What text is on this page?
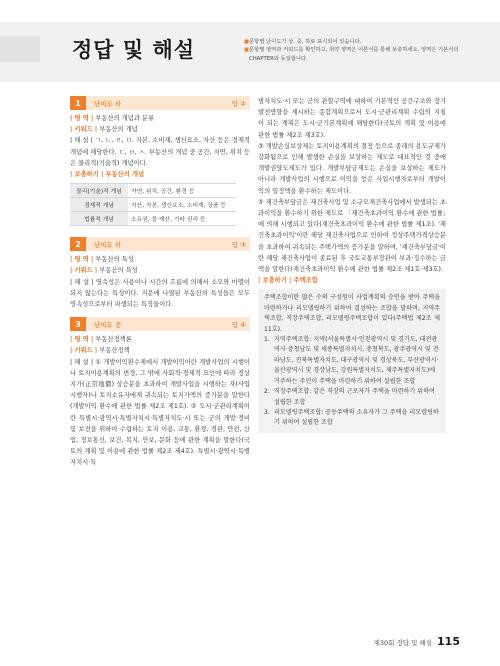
정답 및 해설	■ 문항별 난이도가 상, 중, 하로 표시되어 있습니다.
■ 문항별 영역과 키워드를 확인하고, 취약 영역은 이론서를 통해 보충하세요. 영역은 기본서의 CHAPTER와 동일합니다.
1	난이도 하	답 ②
| 영 역 | 부동산의 개념과 분류
| 키워드 | 부동산의 개념
| 해 설 | ㄱ, ㄴ, ㄹ, ㅁ. 자본, 소비재, 생산요소, 자산 등은 경제적 개념에 해당한다. ㄷ, ㅂ, ㅅ. 부동산의 개념 중 공간, 자연, 위치 등은 물리적(기술적) 개념이다.
| 보충하기 | 부동산의 개념
물리(기술)적 개념	자연, 위치, 공간, 환경 등
경제적 개념	자산, 자본, 생산요소, 소비재, 상품 등
법률적 개념	소유권, 물·재산, 기타 권리 등
2	난이도 하	답 ③
| 영 역 | 부동산의 특성
| 키워드 | 부동산의 특성
| 해 설 | 영속성은 사용이나 시간의 흐름에 의해서 소모와 마멸이 되지 않는다는 특성이다. 지문에 나열된 부동산의 특성들은 모두 영속성으로부터 파생되는 특징들이다.
3	난이도 중	답 ④
| 영 역 | 부동산정책론
| 키워드 | 부동산정책
| 해 설 | ① 개발이익환수제에서 개발이익이란 개발사업의 시행이나 토지이용계획의 변경, 그 밖에 사회적·경제적 요인에 따라 정상지가(正常地價) 상승분을 초과하여 개발사업을 시행하는 자(사업시행자)나 토지소유자에게 귀속되는 토지가액의 증가분을 말한다(개발이익 환수에 관한 법률 제2조 제1호). ② 도시·군관리계획이란 특별시·광역시·특별자치시·특별자치도·시 또는 군의 개발·정비 및 보전을 위하여 수립하는 토지 이용, 교통, 환경, 경관, 안전, 산업, 정보통신, 보건, 복지, 안보, 문화 등에 관한 계획을 말한다(국토의 계획 및 이용에 관한 법률 제2조 제4호). 특별시·광역시·특별자치시·특
별자치도·시 또는 군의 관할구역에 대하여 기본적인 공간구조와 장기발전방향을 제시하는 종합계획으로서 도시·군관리계획 수립의 지침이 되는 계획은 도시·군기본계획에 해당한다(국토의 계획 및 이용에 관한 법률 제2조 제3호).
③ 개발손실보상제는 토지이용계획의 결정 등으로 종래의 용도규제가 강화됨으로 인해 발생한 손실을 보상하는 제도로 대표적인 것 중에 개발권양도제도가 있다. 개발부담금제도는 손실을 보상하는 제도가 아니라 개발사업의 시행으로 이익을 얻은 사업시행자로부터 개발이익의 일정액을 환수하는 제도이다.
⑤ 재건축부담금은 재건축사업 및 소규모재건축사업에서 발생되는 초과이익을 환수하기 위한 제도로 「재건축초과이익 환수에 관한 법률」에 의해 시행되고 있다(재건축초과이익 환수에 관한 법률 제1조). '재건축초과이익'이란 해당 재건축사업으로 인하여 정상주택가격상승분을 초과하여 귀속되는 주택가액의 증가분을 말하며, '재건축부담금'이란 해당 재건축사업이 종료된 후 국토교통부장관이 부과·징수하는 금액을 말한다(재건축초과이익 환수에 관한 법률 제2조 제1호·제3호).
| 보충하기 | 주택조합
주택조합이란 많은 수의 구성원이 사업계획의 승인을 받아 주택을 마련하거나 리모델링하기 위하여 결성하는 조합을 말하며, 지역주택조합, 직장주택조합, 리모델링주택조합이 있다(주택법 제2조 제11호).
1. 지역주택조합: 지역(서울특별시·인천광역시 및 경기도, 대전광역시·충청남도 및 세종특별자치시, 충청북도, 광주광역시 및 전라남도, 전북특별자치도, 대구광역시 및 경상북도, 부산광역시·울산광역시 및 경상남도, 강원특별자치도, 제주특별자치도)에 거주하는 주민이 주택을 마련하기 위하여 설립한 조합
2. 직장주택조합: 같은 직장의 근로자가 주택을 마련하기 위하여 설립한 조합
3. 리모델링주택조합: 공동주택의 소유자가 그 주택을 리모델링하기 위하여 설립한 조합
제30회 정답 및 해설 115
